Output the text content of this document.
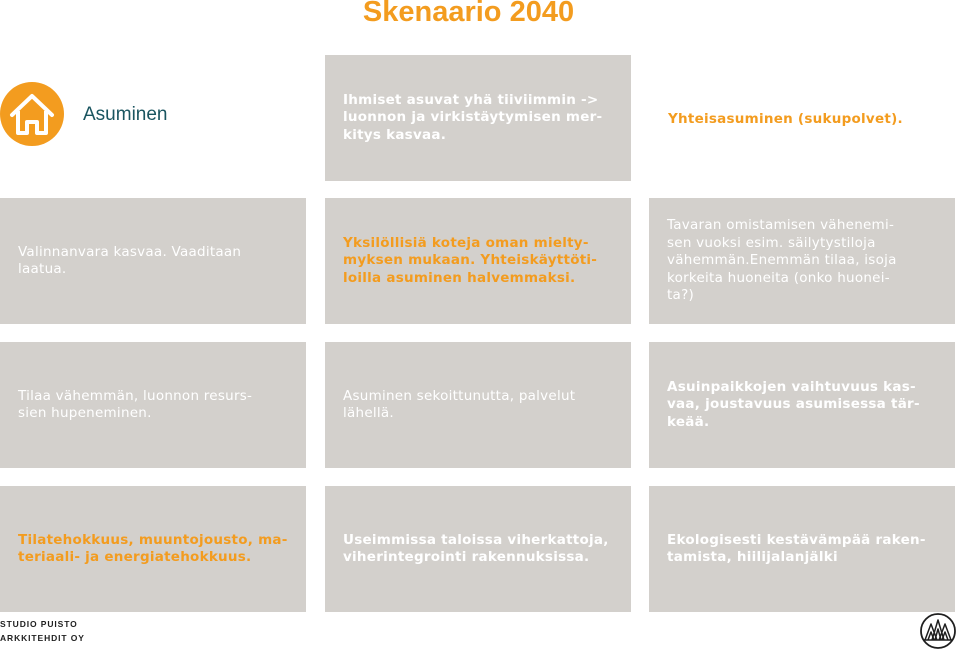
Skenaario 2040
Asuminen
Ihmiset asuvat yhä tiiviimmin ->
luonnon ja virkistäytymisen mer-
kitys kasvaa.
Yhteisasuminen (sukupolvet).
Valinnanvara kasvaa. Vaaditaan
laatua.
Yksilöllisiä koteja oman mielty-
myksen mukaan. Yhteiskäyttöti-
loilla asuminen halvemmaksi.
Tavaran omistamisen vähenemi-
sen vuoksi esim. säilytystiloja
vähemmän.Enemmän tilaa, isoja
korkeita huoneita (onko huonei-
ta?)
Tilaa vähemmän, luonnon resurs-
sien hupeneminen.
Asuminen sekoittunutta, palvelut
lähellä.
Asuinpaikkojen vaihtuvuus kas-
vaa, joustavuus asumisessa tär-
keää.
Tilatehokkuus, muuntojousto, ma-
teriaali- ja energiatehokkuus.
Useimmissa taloissa viherkattoja,
viherintegrointi rakennuksissa.
Ekologisesti kestävämpää raken-
tamista, hiilijalanjälki
STUDIO PUISTO
ARKKITEHDIT OY
